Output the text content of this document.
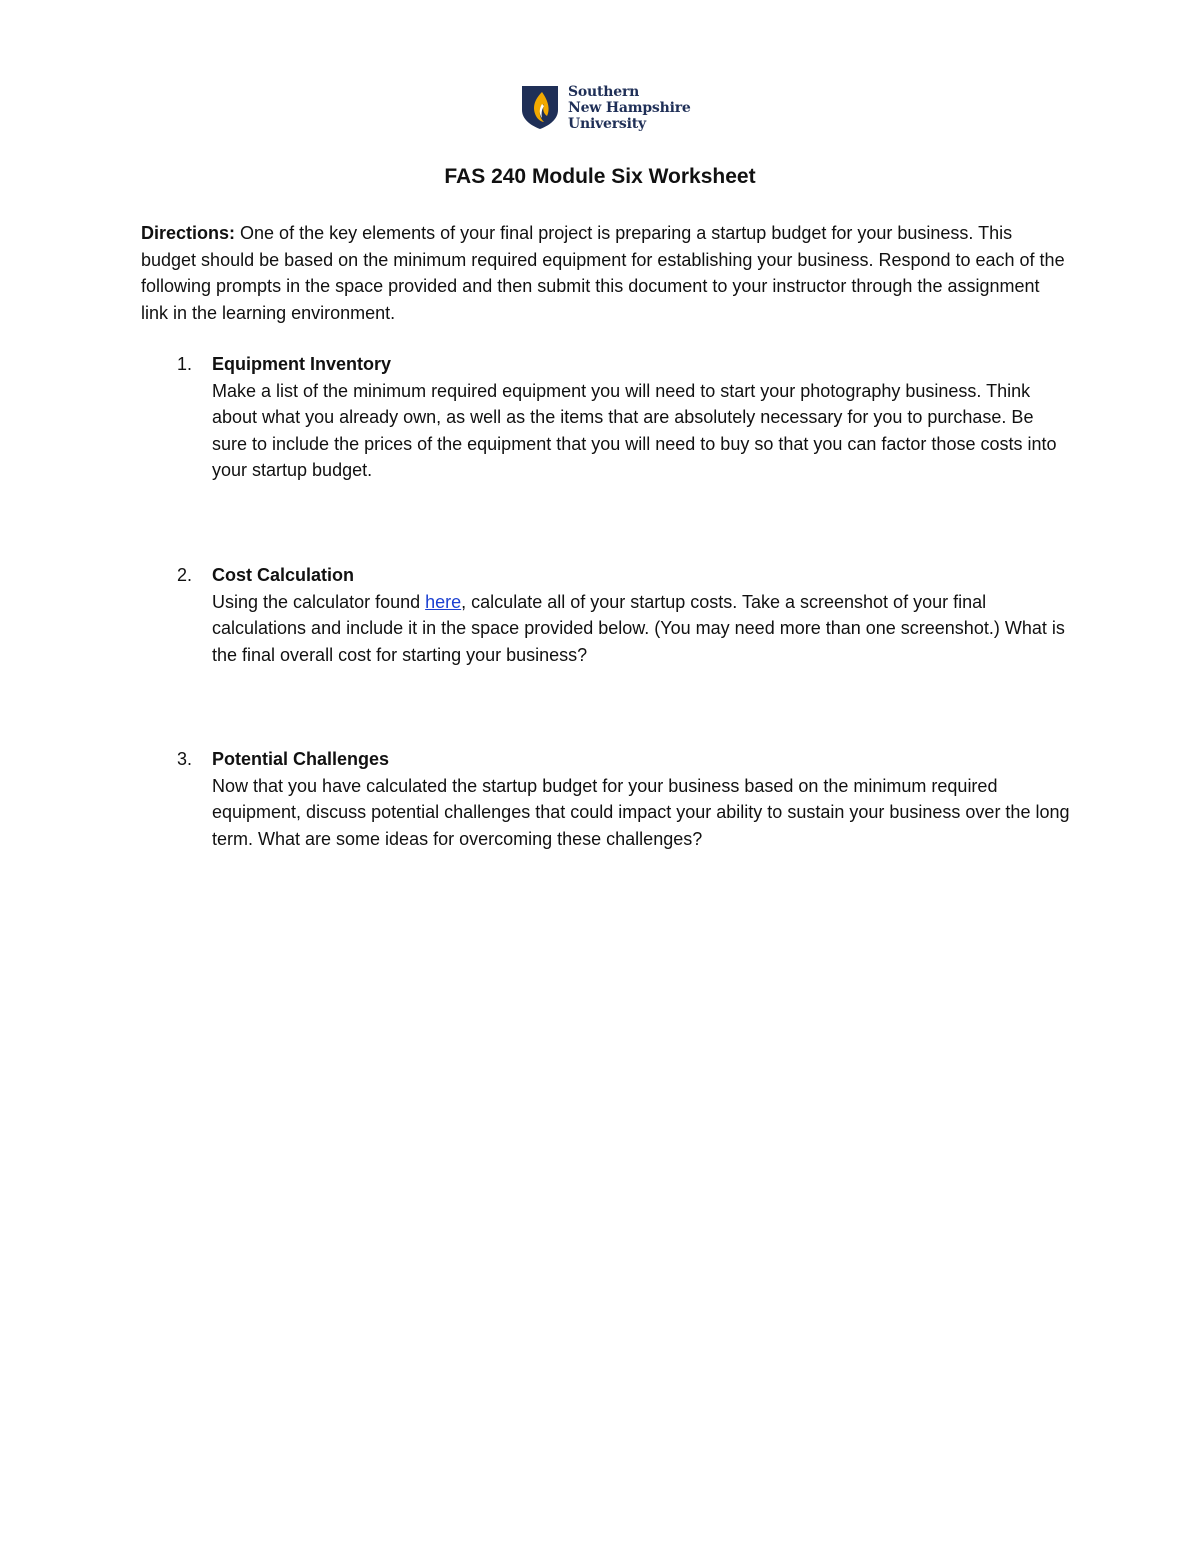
Southern
New Hampshire
University
FAS 240 Module Six Worksheet
Directions: One of the key elements of your final project is preparing a startup budget for your business. This budget should be based on the minimum required equipment for establishing your business. Respond to each of the following prompts in the space provided and then submit this document to your instructor through the assignment link in the learning environment.
1.	Equipment Inventory
Make a list of the minimum required equipment you will need to start your photography business. Think about what you already own, as well as the items that are absolutely necessary for you to purchase. Be sure to include the prices of the equipment that you will need to buy so that you can factor those costs into your startup budget.
2.	Cost Calculation
Using the calculator found here, calculate all of your startup costs. Take a screenshot of your final calculations and include it in the space provided below. (You may need more than one screenshot.) What is the final overall cost for starting your business?
3.	Potential Challenges
Now that you have calculated the startup budget for your business based on the minimum required equipment, discuss potential challenges that could impact your ability to sustain your business over the long term. What are some ideas for overcoming these challenges?
